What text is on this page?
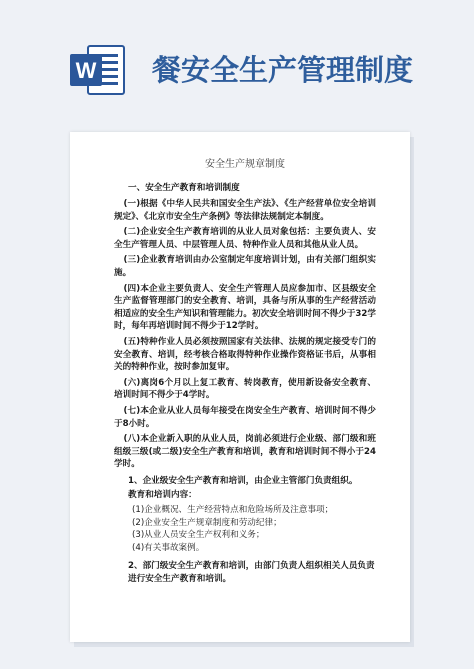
W 餐安全生产管理制度
安全生产规章制度
一、安全生产教育和培训制度
(一)根据《中华人民共和国安全生产法》、《生产经营单位安全培训规定》、《北京市安全生产条例》等法律法规制定本制度。
(二)企业安全生产教育培训的从业人员对象包括：主要负责人、安全生产管理人员、中层管理人员、特种作业人员和其他从业人员。
(三)企业教育培训由办公室制定年度培训计划，由有关部门组织实施。
(四)本企业主要负责人、安全生产管理人员应参加市、区县级安全生产监督管理部门的安全教育、培训，具备与所从事的生产经营活动相适应的安全生产知识和管理能力。初次安全培训时间不得少于32学时，每年再培训时间不得少于12学时。
(五)特种作业人员必须按照国家有关法律、法规的规定接受专门的安全教育、培训，经考核合格取得特种作业操作资格证书后，从事相关的特种作业，按时参加复审。
(六)离岗6个月以上复工教育、转岗教育，使用新设备安全教育、培训时间不得少于4学时。
(七)本企业从业人员每年接受在岗安全生产教育、培训时间不得少于8小时。
(八)本企业新入职的从业人员，岗前必须进行企业级、部门级和班组级三级(或二级)安全生产教育和培训，教育和培训时间不得小于24学时。
1、企业级安全生产教育和培训，由企业主管部门负责组织。
教育和培训内容：
(1)企业概况、生产经营特点和危险场所及注意事项；
(2)企业安全生产规章制度和劳动纪律；
(3)从业人员安全生产权利和义务；
(4)有关事故案例。
2、部门级安全生产教育和培训，由部门负责人组织相关人员负责进行安全生产教育和培训。
